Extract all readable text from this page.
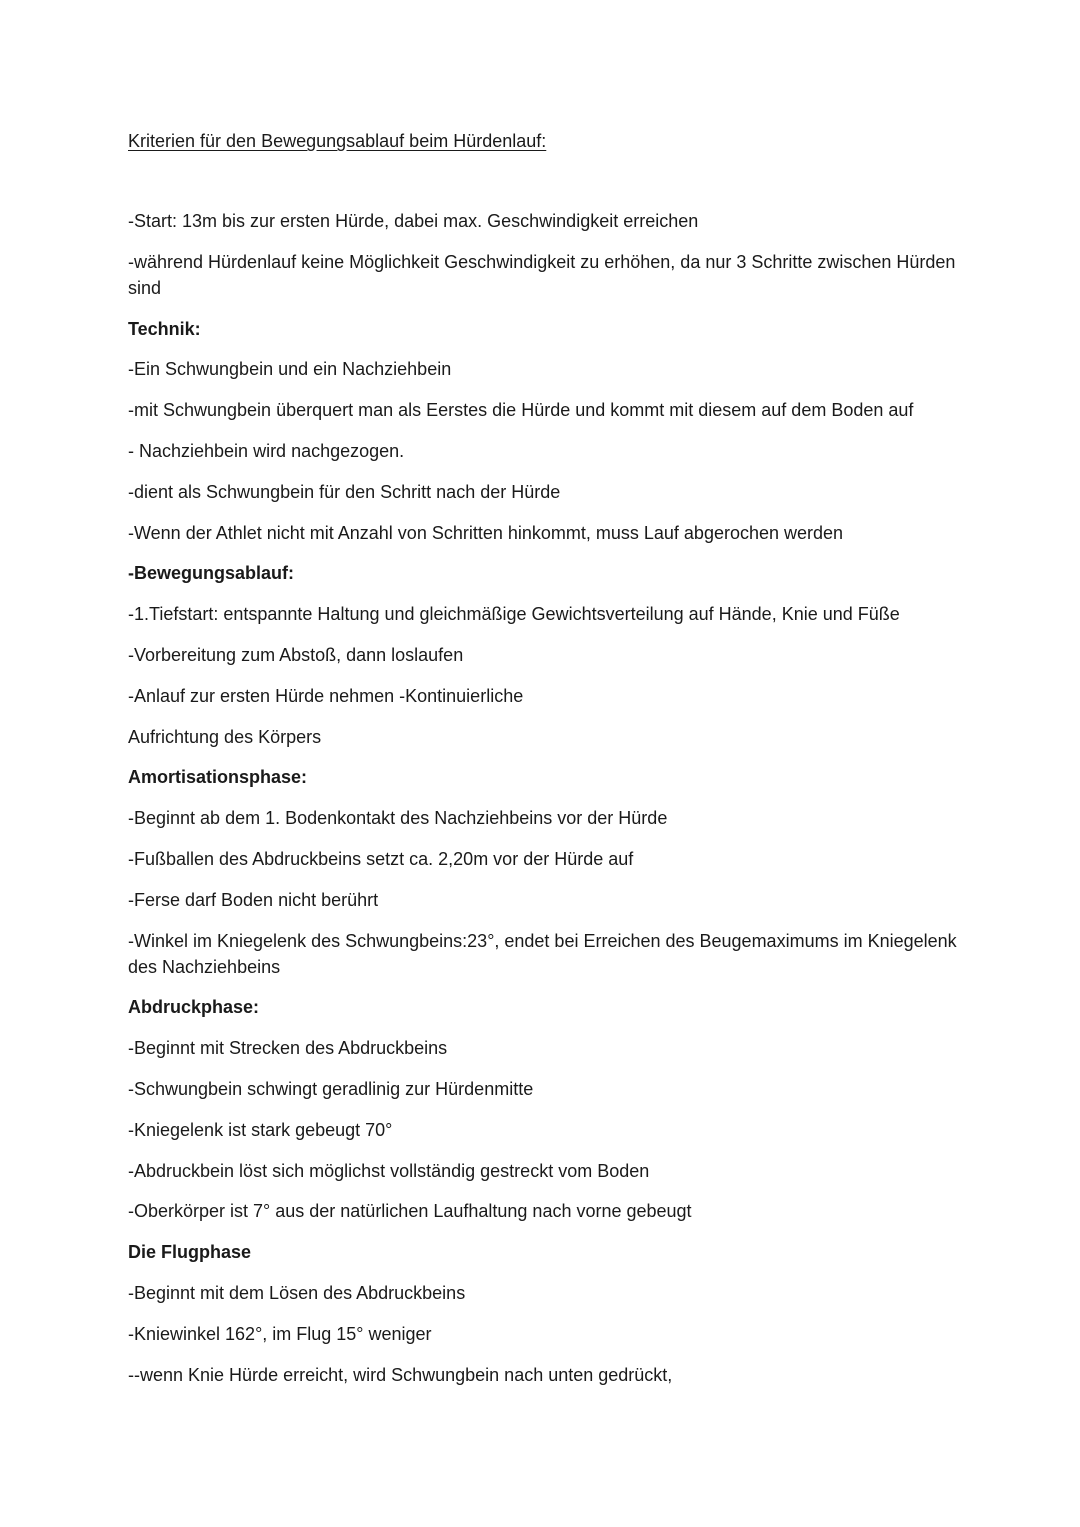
Kriterien für den Bewegungsablauf beim Hürdenlauf:

-Start: 13m bis zur ersten Hürde, dabei max. Geschwindigkeit erreichen

-während Hürdenlauf keine Möglichkeit Geschwindigkeit zu erhöhen, da nur 3 Schritte zwischen Hürden sind

Technik:

-Ein Schwungbein und ein Nachziehbein

-mit Schwungbein überquert man als Eerstes die Hürde und kommt mit diesem auf dem Boden auf

- Nachziehbein wird nachgezogen.

-dient als Schwungbein für den Schritt nach der Hürde

-Wenn der Athlet nicht mit Anzahl von Schritten hinkommt, muss Lauf abgerochen werden

-Bewegungsablauf:

-1.Tiefstart: entspannte Haltung und gleichmäßige Gewichtsverteilung auf Hände, Knie und Füße

-Vorbereitung zum Abstoß, dann loslaufen

-Anlauf zur ersten Hürde nehmen -Kontinuierliche

Aufrichtung des Körpers

Amortisationsphase:

-Beginnt ab dem 1. Bodenkontakt des Nachziehbeins vor der Hürde

-Fußballen des Abdruckbeins setzt ca. 2,20m vor der Hürde auf

-Ferse darf Boden nicht berührt

-Winkel im Kniegelenk des Schwungbeins:23°, endet bei Erreichen des Beugemaximums im Kniegelenk des Nachziehbeins

Abdruckphase:

-Beginnt mit Strecken des Abdruckbeins

-Schwungbein schwingt geradlinig zur Hürdenmitte

-Kniegelenk ist stark gebeugt 70°

-Abdruckbein löst sich möglichst vollständig gestreckt vom Boden

-Oberkörper ist 7° aus der natürlichen Laufhaltung nach vorne gebeugt

Die Flugphase

-Beginnt mit dem Lösen des Abdruckbeins

-Kniewinkel 162°, im Flug 15° weniger

--wenn Knie Hürde erreicht, wird Schwungbein nach unten gedrückt,
